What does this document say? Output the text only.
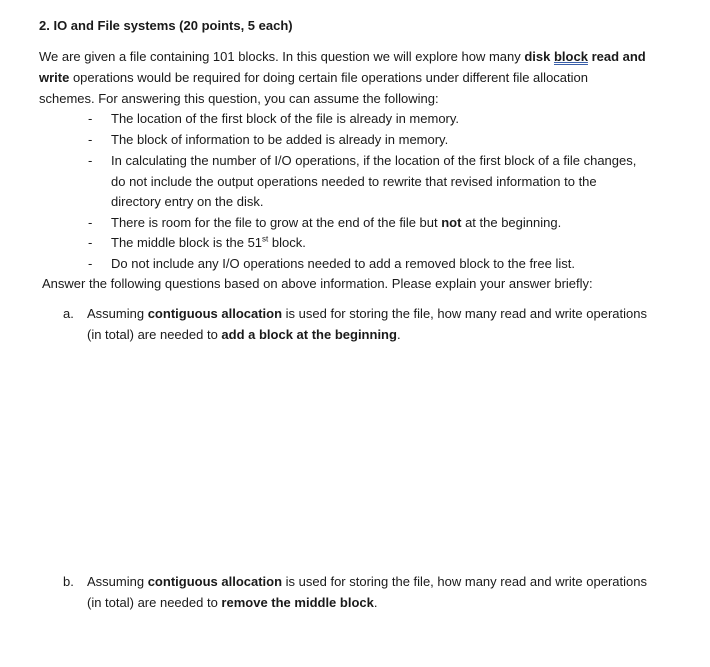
2. IO and File systems (20 points, 5 each)
We are given a file containing 101 blocks. In this question we will explore how many disk block read and
write operations would be required for doing certain file operations under different file allocation
schemes. For answering this question, you can assume the following:
- The location of the first block of the file is already in memory.
- The block of information to be added is already in memory.
- In calculating the number of I/O operations, if the location of the first block of a file changes,
do not include the output operations needed to rewrite that revised information to the
directory entry on the disk.
- There is room for the file to grow at the end of the file but not at the beginning.
- The middle block is the 51st block.
- Do not include any I/O operations needed to add a removed block to the free list.
Answer the following questions based on above information. Please explain your answer briefly:
a. Assuming contiguous allocation is used for storing the file, how many read and write operations
(in total) are needed to add a block at the beginning.
b. Assuming contiguous allocation is used for storing the file, how many read and write operations
(in total) are needed to remove the middle block.
